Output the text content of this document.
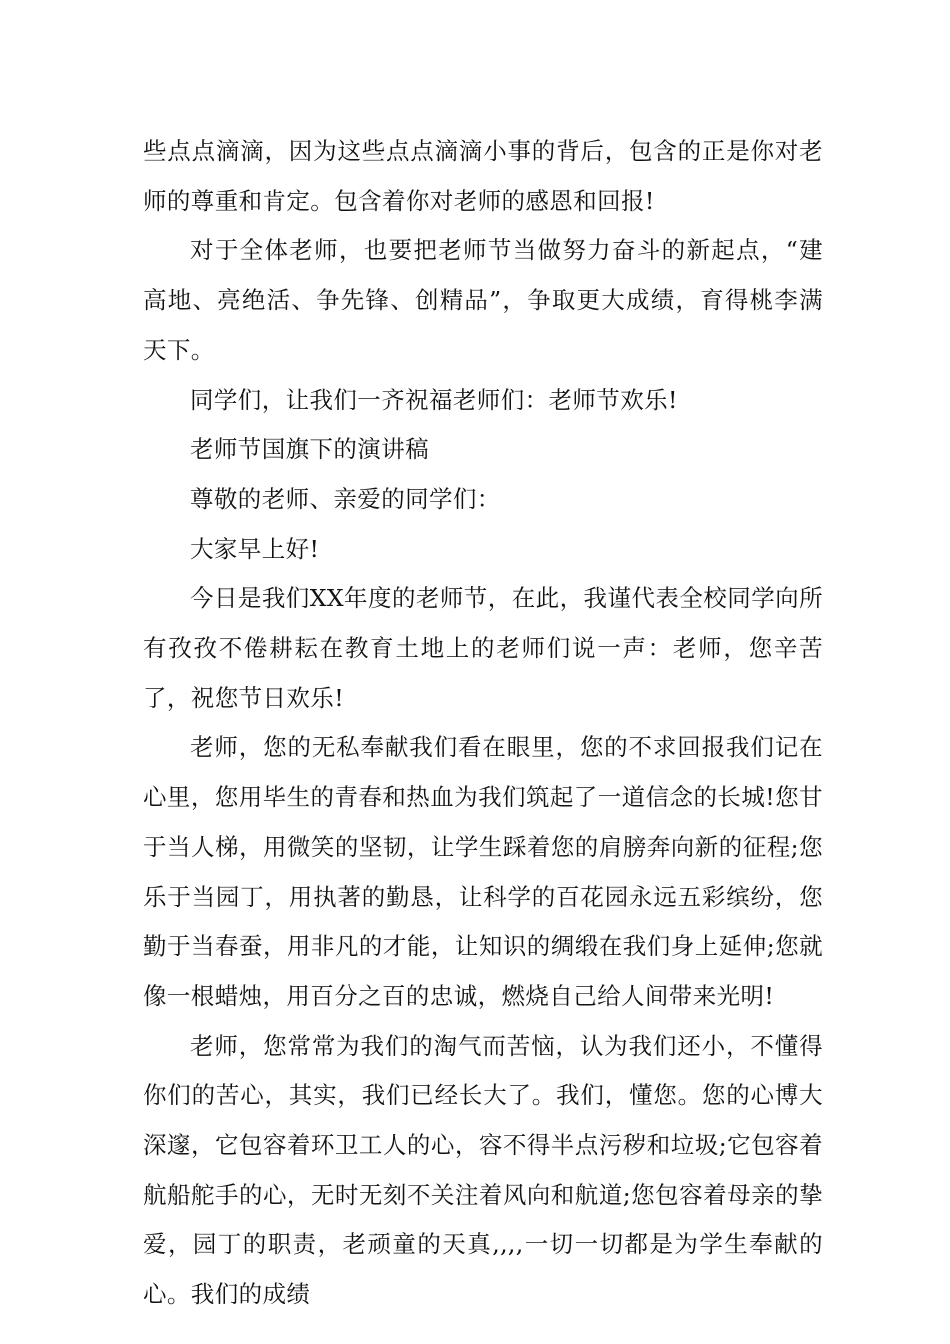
些点点滴滴，因为这些点点滴滴小事的背后，包含的正是你对老师的尊重和肯定。包含着你对老师的感恩和回报!

对于全体老师，也要把老师节当做努力奋斗的新起点，“建高地、亮绝活、争先锋、创精品”，争取更大成绩，育得桃李满天下。

同学们，让我们一齐祝福老师们：老师节欢乐!

老师节国旗下的演讲稿

尊敬的老师、亲爱的同学们：

大家早上好!

今日是我们XX年度的老师节，在此，我谨代表全校同学向所有孜孜不倦耕耘在教育土地上的老师们说一声：老师，您辛苦了，祝您节日欢乐!

老师，您的无私奉献我们看在眼里，您的不求回报我们记在心里，您用毕生的青春和热血为我们筑起了一道信念的长城!您甘于当人梯，用微笑的坚韧，让学生踩着您的肩膀奔向新的征程;您乐于当园丁，用执著的勤恳，让科学的百花园永远五彩缤纷，您勤于当春蚕，用非凡的才能，让知识的绸缎在我们身上延伸;您就像一根蜡烛，用百分之百的忠诚，燃烧自己给人间带来光明!

老师，您常常为我们的淘气而苦恼，认为我们还小，不懂得你们的苦心，其实，我们已经长大了。我们，懂您。您的心博大深邃，它包容着环卫工人的心，容不得半点污秽和垃圾;它包容着航船舵手的心，无时无刻不关注着风向和航道;您包容着母亲的挚爱，园丁的职责，老顽童的天真,,,,一切一切都是为学生奉献的心。我们的成绩
